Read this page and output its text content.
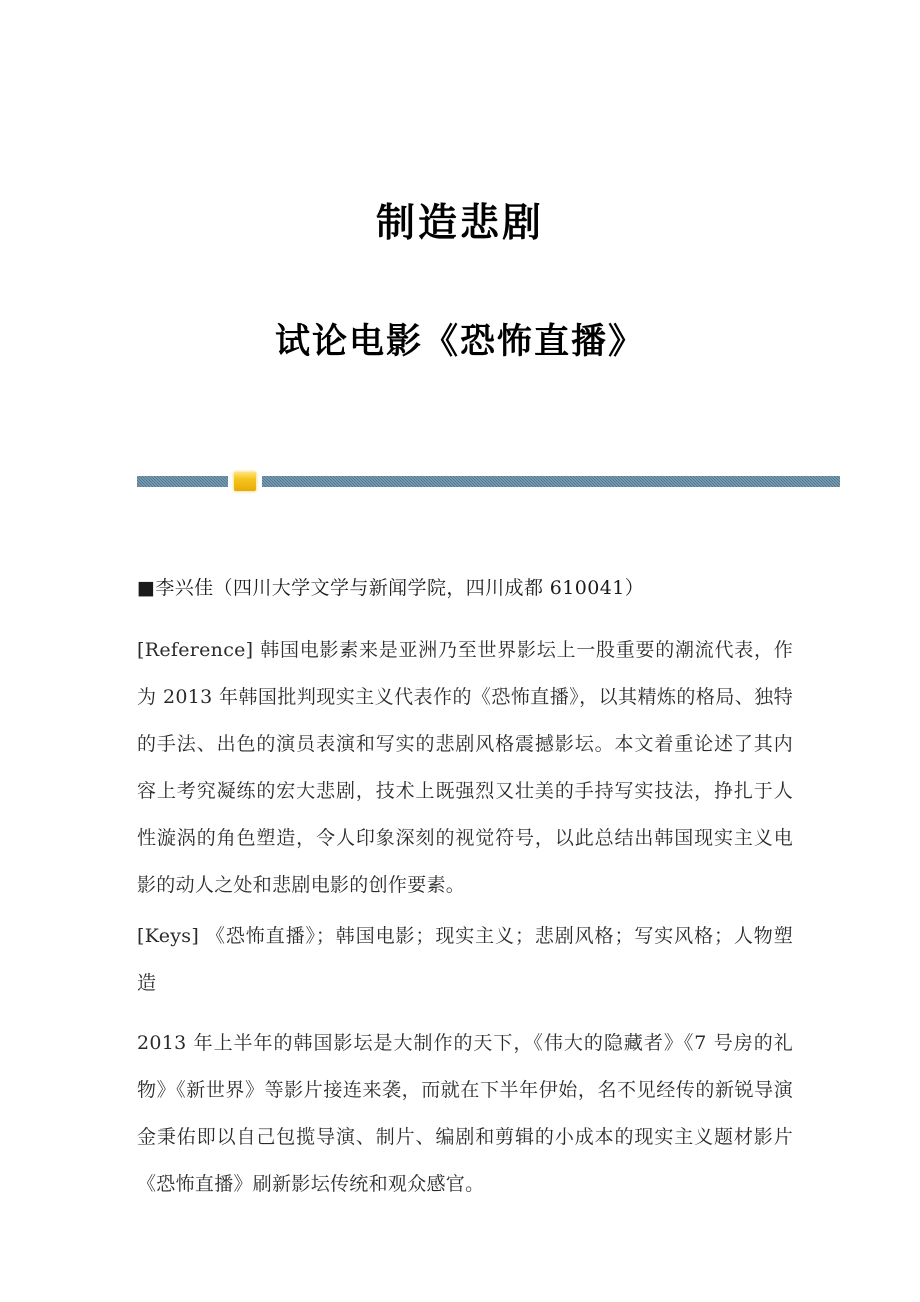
制造悲剧
试论电影《恐怖直播》

■李兴佳（四川大学文学与新闻学院，四川成都 610041）

[Reference] 韩国电影素来是亚洲乃至世界影坛上一股重要的潮流代表，作为 2013 年韩国批判现实主义代表作的《恐怖直播》，以其精炼的格局、独特的手法、出色的演员表演和写实的悲剧风格震撼影坛。本文着重论述了其内容上考究凝练的宏大悲剧，技术上既强烈又壮美的手持写实技法，挣扎于人性漩涡的角色塑造，令人印象深刻的视觉符号，以此总结出韩国现实主义电影的动人之处和悲剧电影的创作要素。

[Keys] 《恐怖直播》；韩国电影；现实主义；悲剧风格；写实风格；人物塑造

2013 年上半年的韩国影坛是大制作的天下，《伟大的隐藏者》《7 号房的礼物》《新世界》等影片接连来袭，而就在下半年伊始，名不见经传的新锐导演金秉佑即以自己包揽导演、制片、编剧和剪辑的小成本的现实主义题材影片《恐怖直播》刷新影坛传统和观众感官。
